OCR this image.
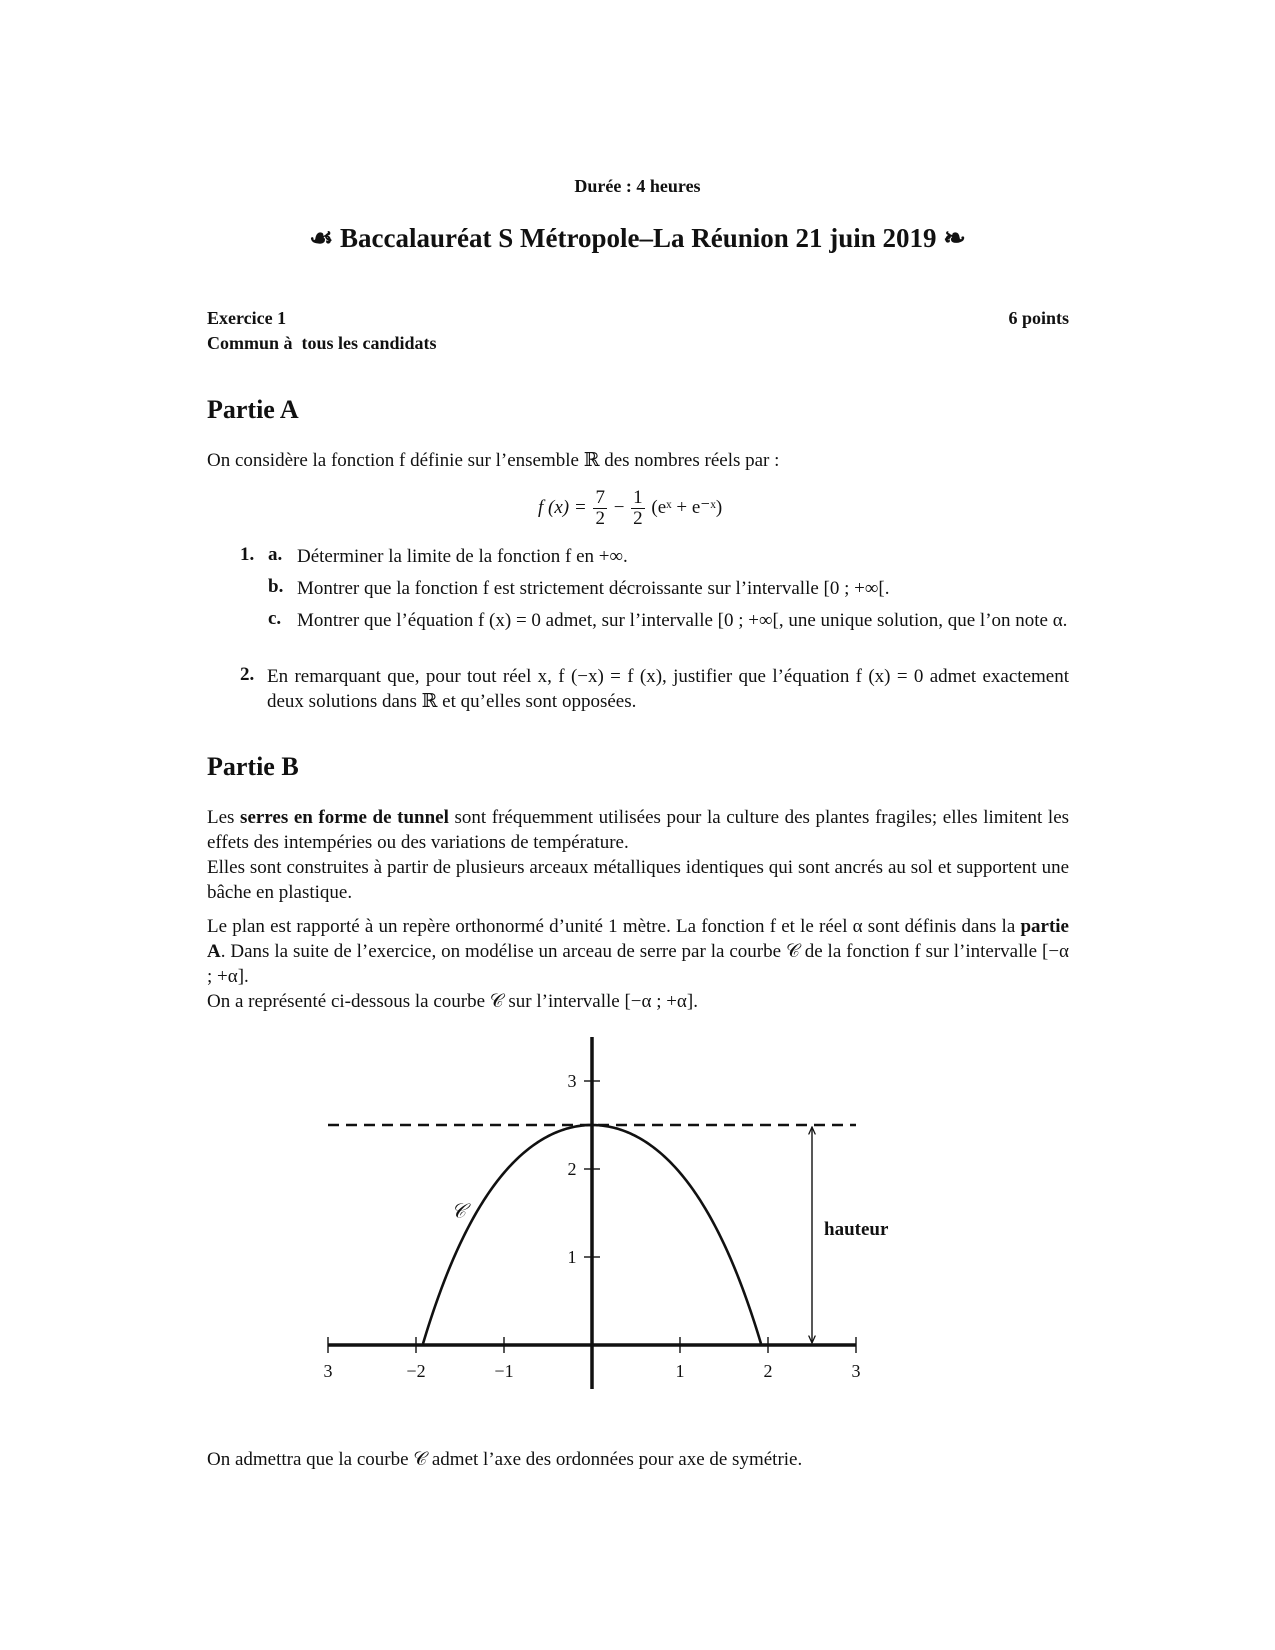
Durée : 4 heures
☙ Baccalauréat S Métropole–La Réunion 21 juin 2019 ❧
Exercice 1	6 points
Commun à  tous les candidats
Partie A
On considère la fonction f définie sur l’ensemble ℝ des nombres réels par :
f $(x) = \frac{7}{2} - \frac{1}{2}$ (eˣ + e⁻ˣ)
1. a. Déterminer la limite de la fonction f en +∞.
b. Montrer que la fonction f est strictement décroissante sur l’intervalle [0 ; +∞[.
c. Montrer que l’équation f (x) = 0 admet, sur l’intervalle [0 ; +∞[, une unique solution, que l’on note α.
2. En remarquant que, pour tout réel x, f (−x) = f (x), justifier que l’équation f (x) = 0 admet exactement deux solutions dans ℝ et qu’elles sont opposées.
Partie B
Les serres en forme de tunnel sont fréquemment utilisées pour la culture des plantes fragiles; elles limitent les effets des intempéries ou des variations de température.
Elles sont construites à partir de plusieurs arceaux métalliques identiques qui sont ancrés au sol et supportent une bâche en plastique.
Le plan est rapporté à un repère orthonormé d’unité 1 mètre. La fonction f et le réel α sont définis dans la partie A. Dans la suite de l’exercice, on modélise un arceau de serre par la courbe 𝒞 de la fonction f sur l’intervalle [−α ; +α].
On a représenté ci-dessous la courbe 𝒞 sur l’intervalle [−α ; +α].
3	−2	−1	1	2	3
1
2
3
𝒞
hauteur
On admettra que la courbe 𝒞 admet l’axe des ordonnées pour axe de symétrie.
